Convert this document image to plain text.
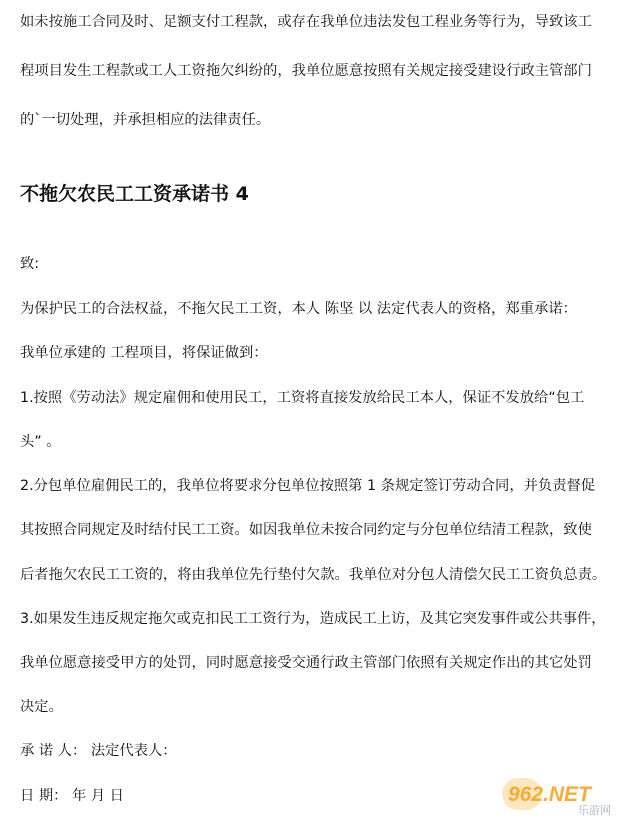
如未按施工合同及时、足额支付工程款，或存在我单位违法发包工程业务等行为，导致该工
程项目发生工程款或工人工资拖欠纠纷的，我单位愿意按照有关规定接受建设行政主管部门
的`一切处理，并承担相应的法律责任。
不拖欠农民工工资承诺书 4
致:
为保护民工的合法权益，不拖欠民工工资，本人 陈坚 以 法定代表人的资格，郑重承诺：
我单位承建的 工程项目，将保证做到：
1.按照《劳动法》规定雇佣和使用民工，工资将直接发放给民工本人，保证不发放给“包工
头” 。
2.分包单位雇佣民工的，我单位将要求分包单位按照第 1 条规定签订劳动合同，并负责督促
其按照合同规定及时结付民工工资。如因我单位未按合同约定与分包单位结清工程款，致使
后者拖欠农民工工资的，将由我单位先行垫付欠款。我单位对分包人清偿欠民工工资负总责。
3.如果发生违反规定拖欠或克扣民工工资行为，造成民工上访，及其它突发事件或公共事件，
我单位愿意接受甲方的处罚，同时愿意接受交通行政主管部门依照有关规定作出的其它处罚
决定。
承 诺 人： 法定代表人：
日 期： 年 月 日	962.NET
乐游网
